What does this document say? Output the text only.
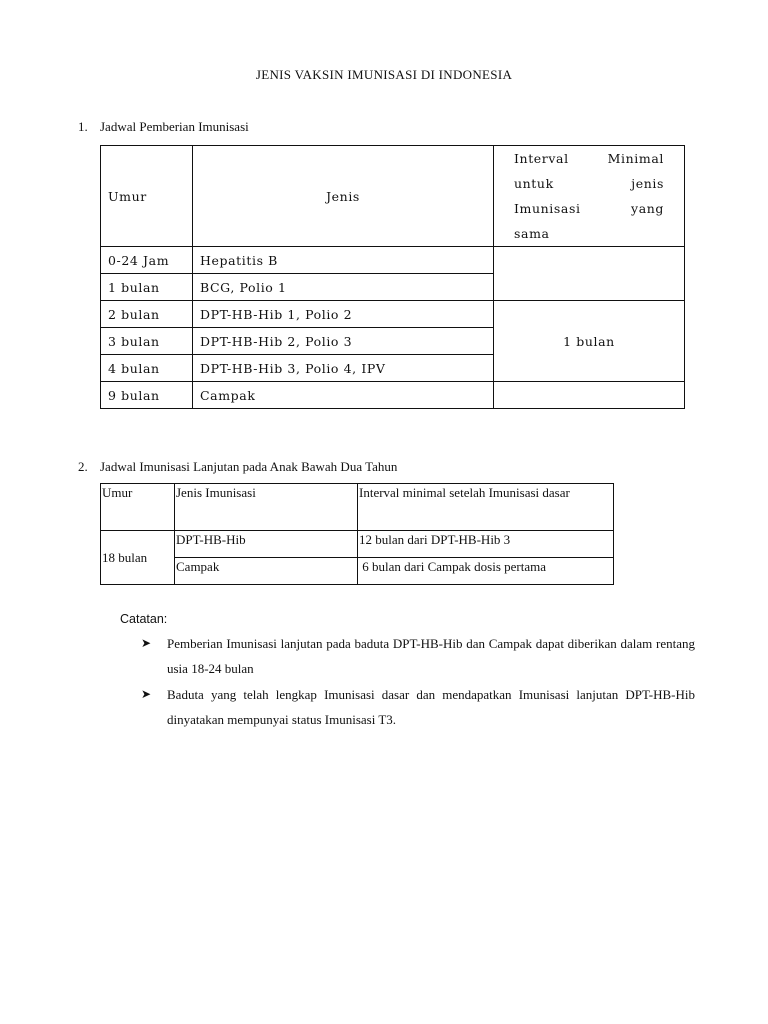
JENIS VAKSIN IMUNISASI DI INDONESIA
1. Jadwal Pemberian Imunisasi
Umur	Jenis	Interval Minimal
untuk jenis
Imunisasi yang
sama

0-24 Jam	Hepatitis B	
1 bulan	BCG, Polio 1	
2 bulan	DPT-HB-Hib 1, Polio 2	1 bulan
3 bulan	DPT-HB-Hib 2, Polio 3	
4 bulan	DPT-HB-Hib 3, Polio 4, IPV	
9 bulan	Campak	
2. Jadwal Imunisasi Lanjutan pada Anak Bawah Dua Tahun
Umur	Jenis Imunisasi	Interval minimal setelah Imunisasi dasar
18 bulan	DPT-HB-Hib	12 bulan dari DPT-HB-Hib 3
	Campak	6 bulan dari Campak dosis pertama
Catatan:
➤ Pemberian Imunisasi lanjutan pada baduta DPT-HB-Hib dan Campak dapat diberikan dalam rentang usia 18-24 bulan
➤ Baduta yang telah lengkap Imunisasi dasar dan mendapatkan Imunisasi lanjutan DPT-HB-Hib dinyatakan mempunyai status Imunisasi T3.
